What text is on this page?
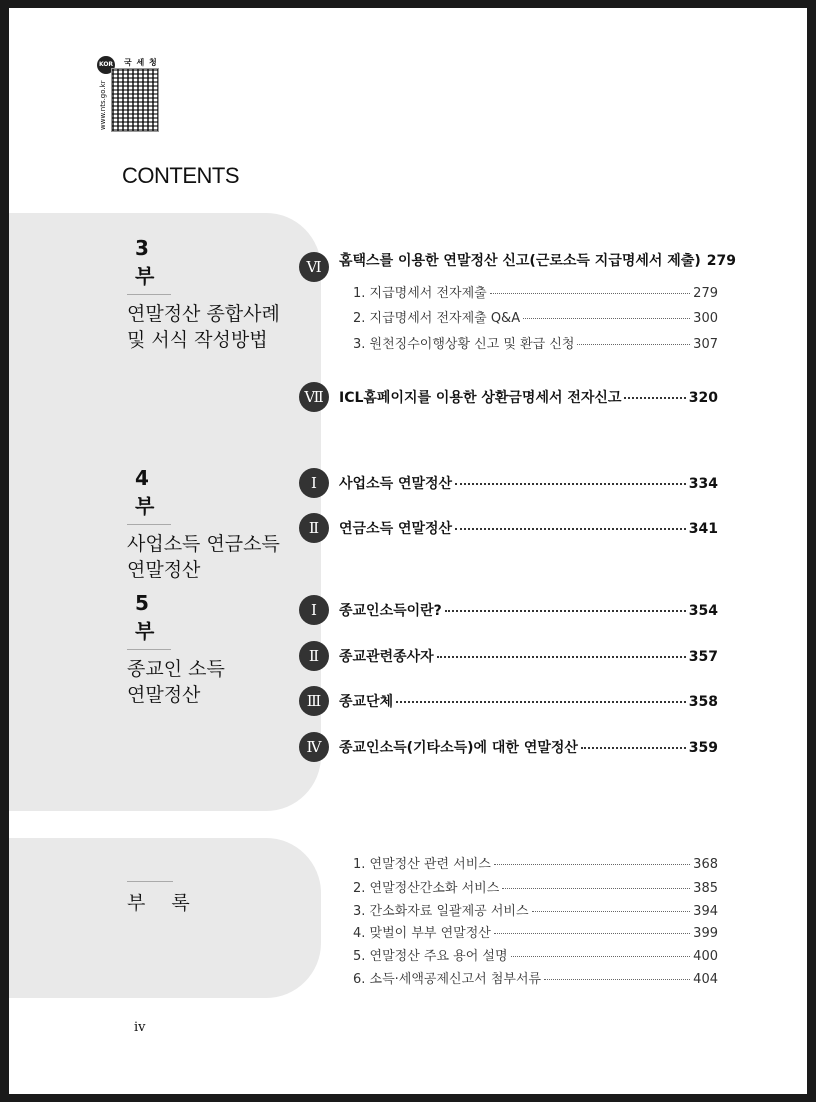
KOR 국 세 청
www.nts.go.kr
CONTENTS
3부
연말정산 종합사례
및 서식 작성방법
Ⅵ	홈택스를 이용한 연말정산 신고(근로소득 지급명세서 제출) 279
1. 지급명세서 전자제출	279
2. 지급명세서 전자제출 Q&A	300
3. 원천징수이행상황 신고 및 환급 신청	307
Ⅶ	ICL홈페이지를 이용한 상환금명세서 전자신고	320
4부
사업소득 연금소득
연말정산
Ⅰ	사업소득 연말정산	334
Ⅱ	연금소득 연말정산	341
5부
종교인 소득
연말정산
Ⅰ	종교인소득이란?	354
Ⅱ	종교관련종사자	357
Ⅲ	종교단체	358
Ⅳ	종교인소득(기타소득)에 대한 연말정산	359
부 록
1. 연말정산 관련 서비스	368
2. 연말정산간소화 서비스	385
3. 간소화자료 일괄제공 서비스	394
4. 맞벌이 부부 연말정산	399
5. 연말정산 주요 용어 설명	400
6. 소득·세액공제신고서 첨부서류	404
iv
